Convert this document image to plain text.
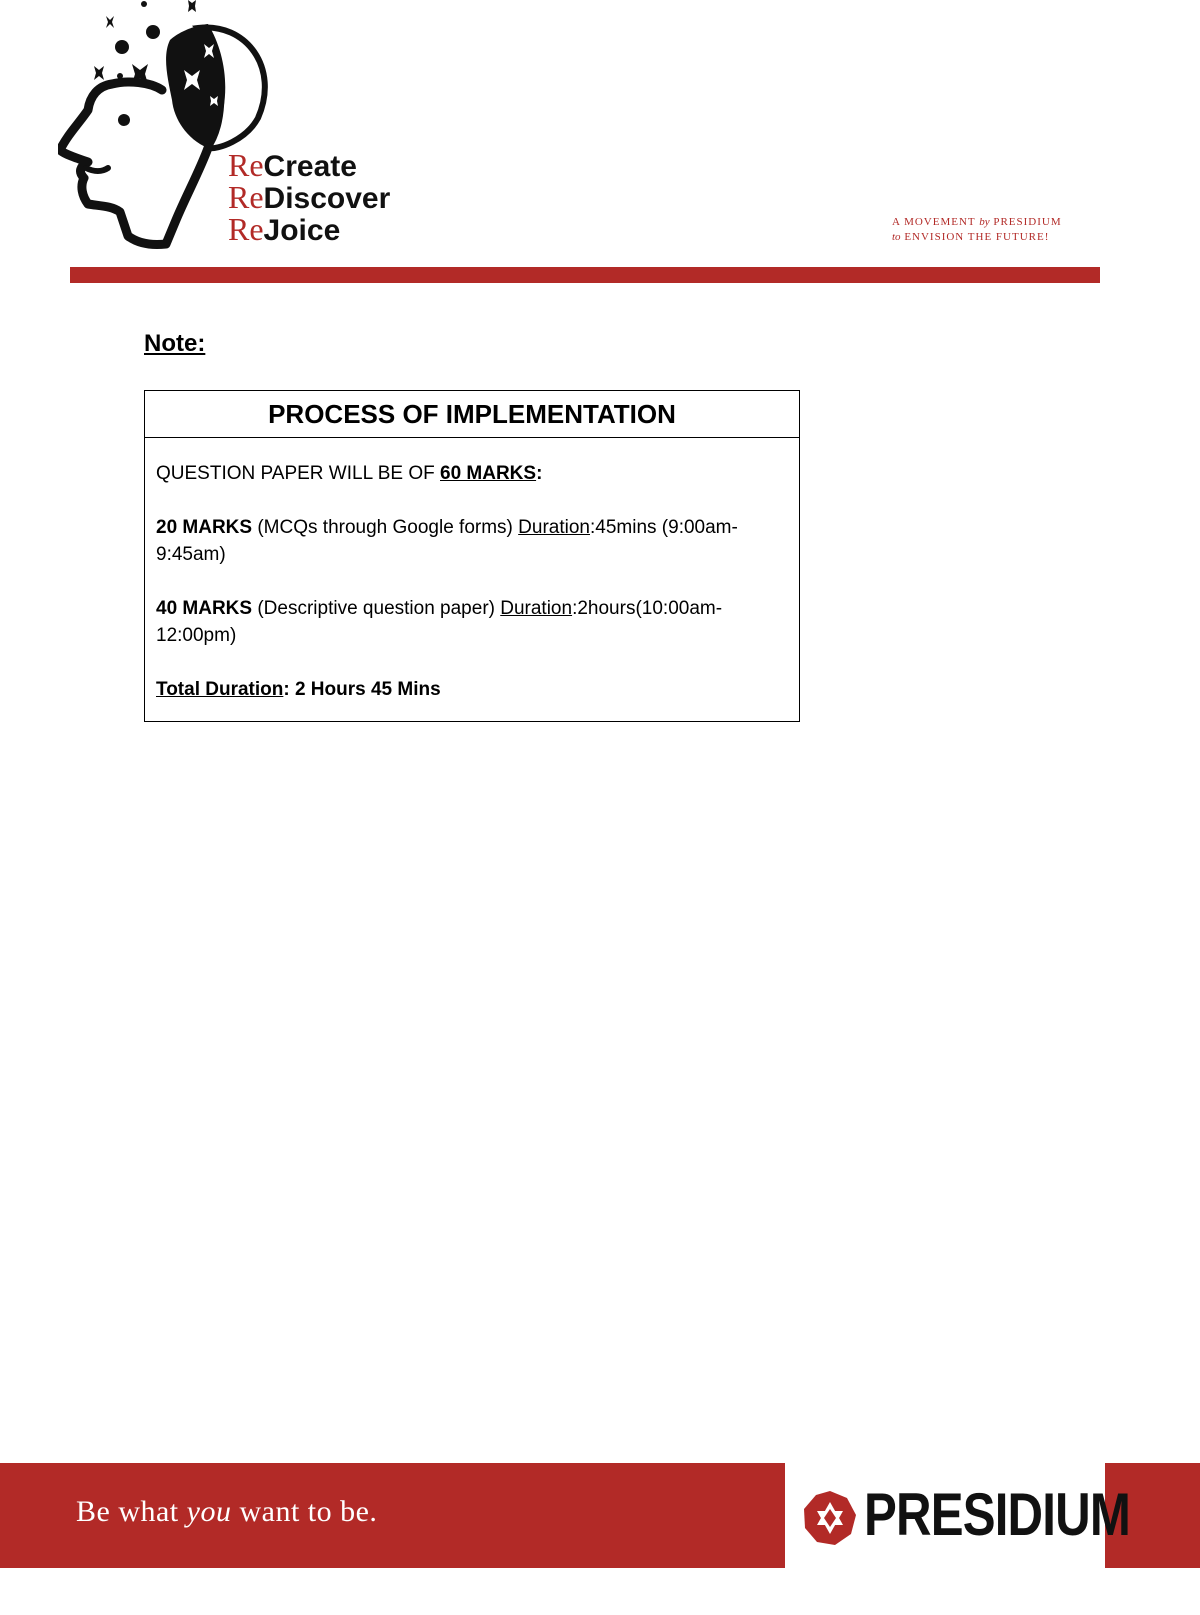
ReCreate
ReDiscover
ReJoice	A MOVEMENT by PRESIDIUM
to ENVISION THE FUTURE!
Note:
PROCESS OF IMPLEMENTATION

QUESTION PAPER WILL BE OF 60 MARKS:

20 MARKS (MCQs through Google forms) Duration:45mins (9:00am-9:45am)

40 MARKS (Descriptive question paper) Duration:2hours(10:00am-12:00pm)

Total Duration: 2 Hours 45 Mins

Be what you want to be.	PRESIDIUM
